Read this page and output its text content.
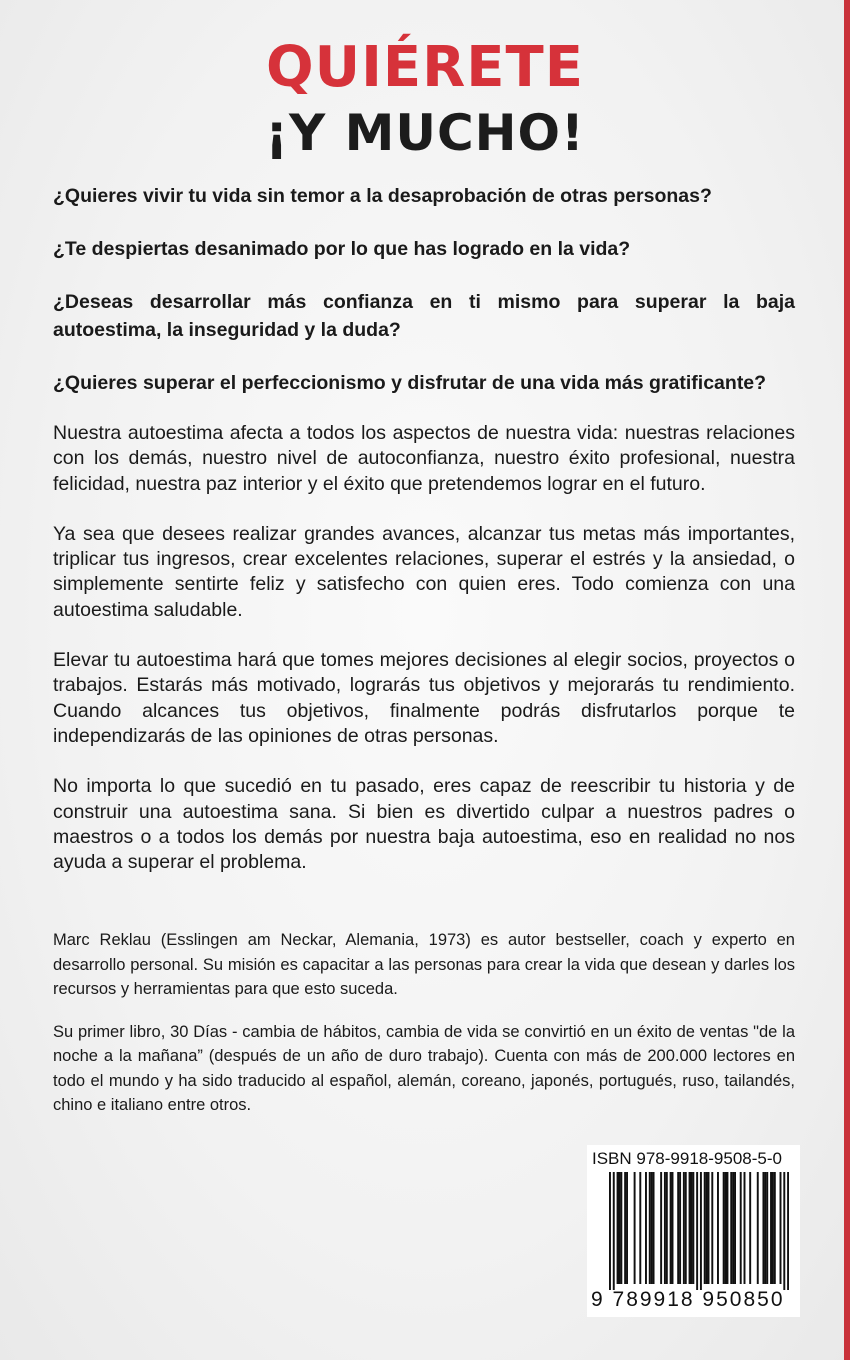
QUIÉRETE
¡Y MUCHO!

¿Quieres vivir tu vida sin temor a la desaprobación de otras personas?

¿Te despiertas desanimado por lo que has logrado en la vida?

¿Deseas desarrollar más confianza en ti mismo para superar la baja autoestima, la inseguridad y la duda?

¿Quieres superar el perfeccionismo y disfrutar de una vida más gratificante?

Nuestra autoestima afecta a todos los aspectos de nuestra vida: nuestras relaciones con los demás, nuestro nivel de autoconfianza, nuestro éxito profesional, nuestra felicidad, nuestra paz interior y el éxito que pretendemos lograr en el futuro.

Ya sea que desees realizar grandes avances, alcanzar tus metas más importantes, triplicar tus ingresos, crear excelentes relaciones, superar el estrés y la ansiedad, o simplemente sentirte feliz y satisfecho con quien eres. Todo comienza con una autoestima saludable.

Elevar tu autoestima hará que tomes mejores decisiones al elegir socios, proyectos o trabajos. Estarás más motivado, lograrás tus objetivos y mejorarás tu rendimiento. Cuando alcances tus objetivos, finalmente podrás disfrutarlos porque te independizarás de las opiniones de otras personas.

No importa lo que sucedió en tu pasado, eres capaz de reescribir tu historia y de construir una autoestima sana. Si bien es divertido culpar a nuestros padres o maestros o a todos los demás por nuestra baja autoestima, eso en realidad no nos ayuda a superar el problema.

Marc Reklau (Esslingen am Neckar, Alemania, 1973) es autor bestseller, coach y experto en desarrollo personal. Su misión es capacitar a las personas para crear la vida que desean y darles los recursos y herramientas para que esto suceda.

Su primer libro, 30 Días - cambia de hábitos, cambia de vida se convirtió en un éxito de ventas "de la noche a la mañana” (después de un año de duro trabajo). Cuenta con más de 200.000 lectores en todo el mundo y ha sido traducido al español, alemán, coreano, japonés, portugués, ruso, tailandés, chino e italiano entre otros.

ISBN 978-9918-9508-5-0
9 789918 950850
